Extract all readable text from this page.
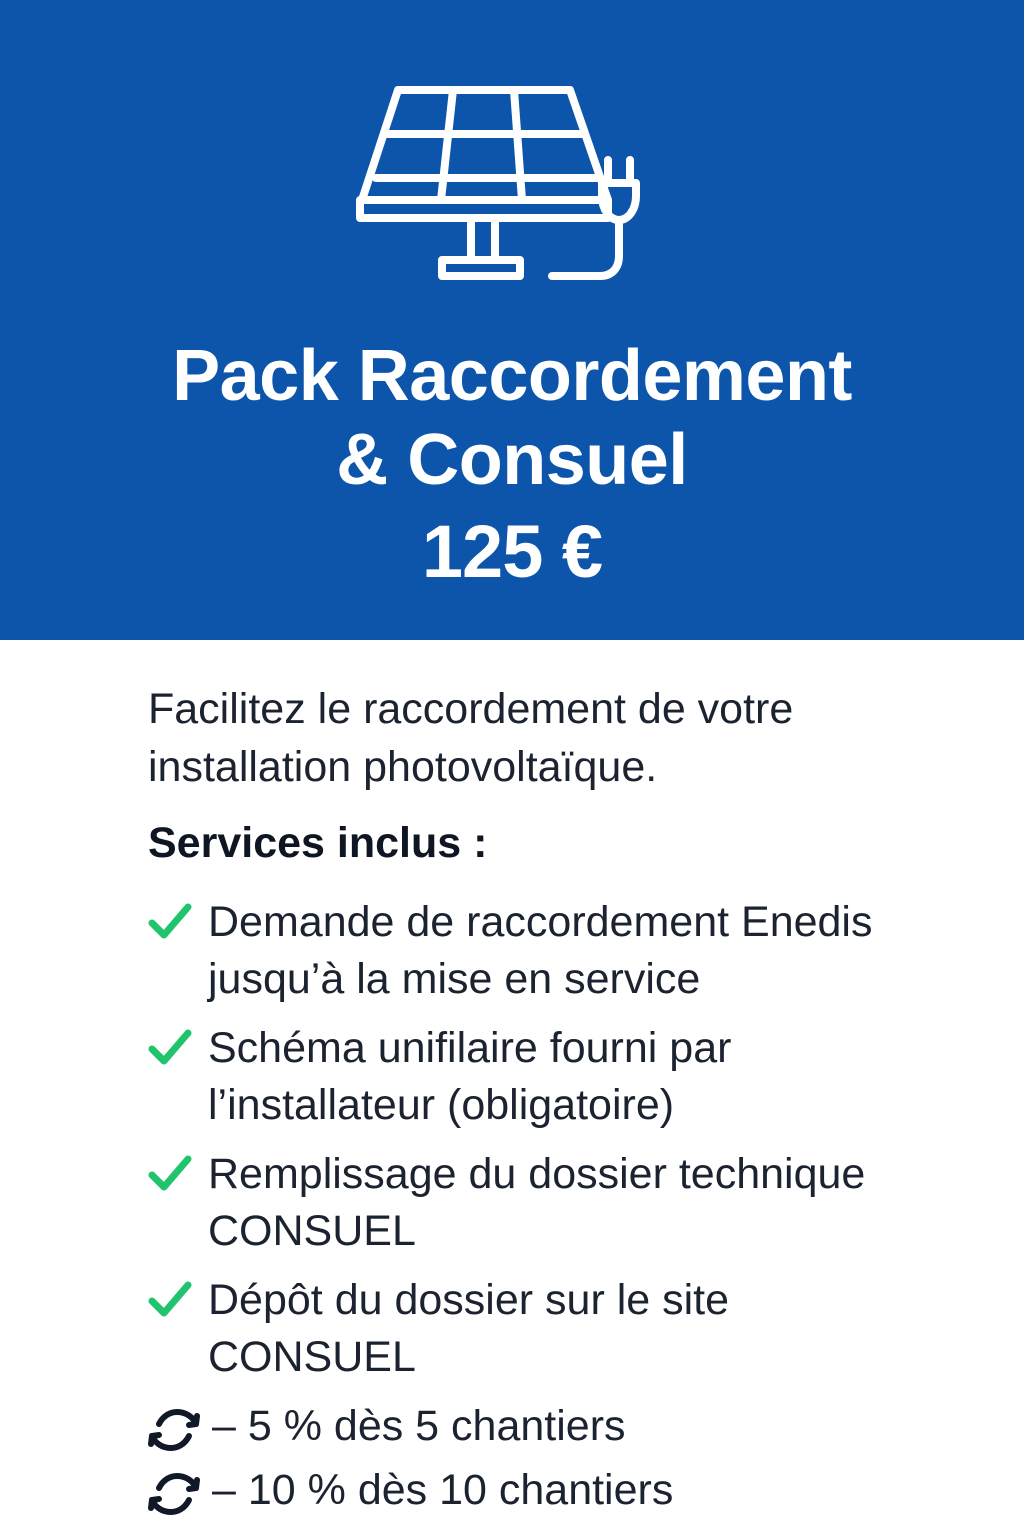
Pack Raccordement
& Consuel
125 €

Facilitez le raccordement de votre
installation photovoltaïque.

Services inclus :
Demande de raccordement Enedis
jusqu’à la mise en service
Schéma unifilaire fourni par
l’installateur (obligatoire)
Remplissage du dossier technique
CONSUEL
Dépôt du dossier sur le site
CONSUEL
– 5 % dès 5 chantiers
– 10 % dès 10 chantiers
